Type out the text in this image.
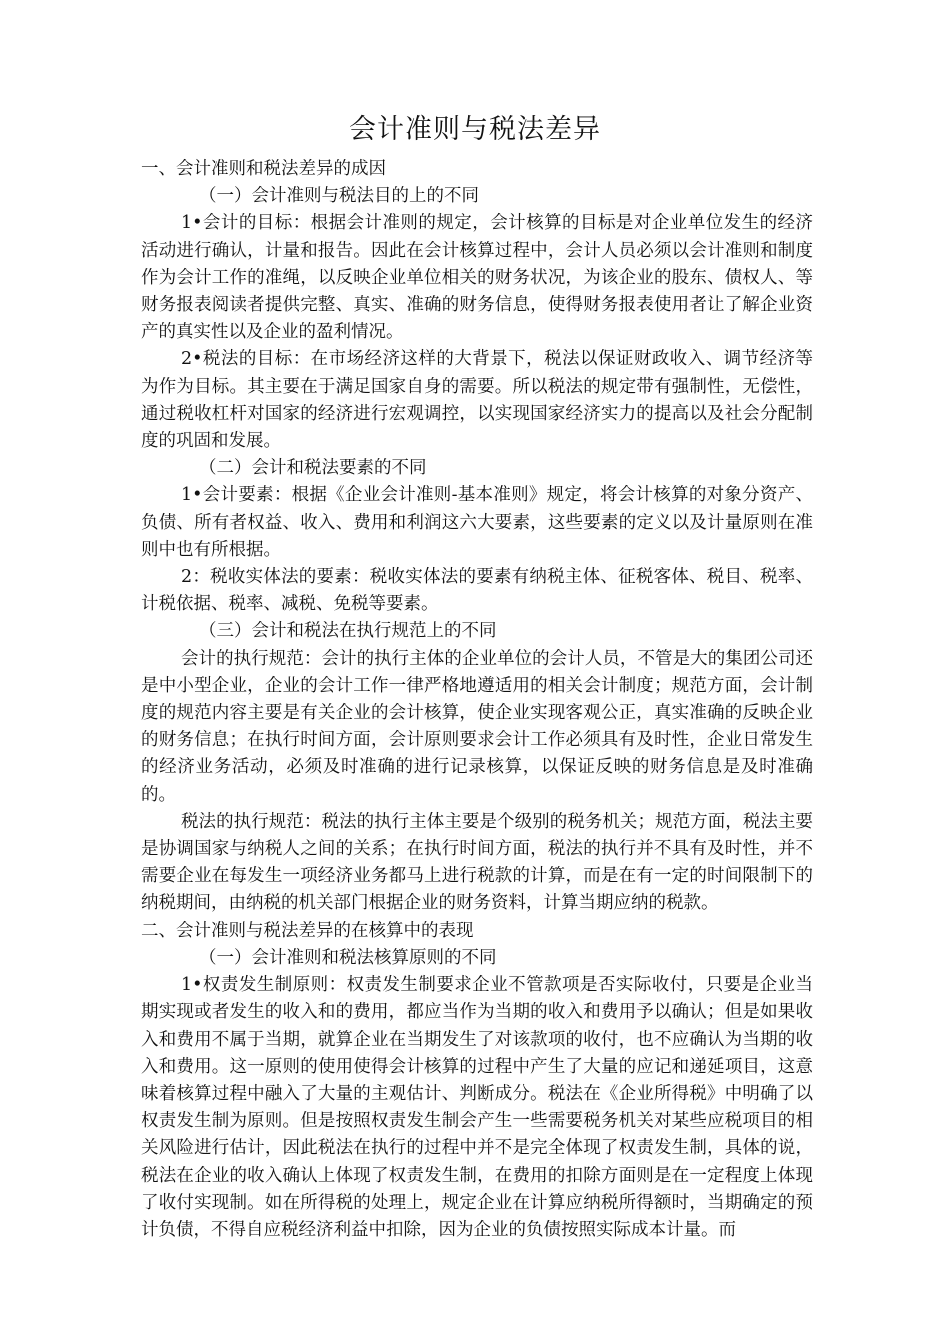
会计准则与税法差异

一、会计准则和税法差异的成因

（一）会计准则与税法目的上的不同

1•会计的目标：根据会计准则的规定，会计核算的目标是对企业单位发生的经济活动进行确认，计量和报告。因此在会计核算过程中，会计人员必须以会计准则和制度作为会计工作的准绳，以反映企业单位相关的财务状况，为该企业的股东、债权人、等财务报表阅读者提供完整、真实、准确的财务信息，使得财务报表使用者让了解企业资产的真实性以及企业的盈利情况。

2•税法的目标：在市场经济这样的大背景下，税法以保证财政收入、调节经济等为作为目标。其主要在于满足国家自身的需要。所以税法的规定带有强制性，无偿性，通过税收杠杆对国家的经济进行宏观调控，以实现国家经济实力的提高以及社会分配制度的巩固和发展。

（二）会计和税法要素的不同

1•会计要素：根据《企业会计准则-基本准则》规定，将会计核算的对象分资产、负债、所有者权益、收入、费用和利润这六大要素，这些要素的定义以及计量原则在准则中也有所根据。

2：税收实体法的要素：税收实体法的要素有纳税主体、征税客体、税目、税率、计税依据、税率、减税、免税等要素。

（三）会计和税法在执行规范上的不同

会计的执行规范：会计的执行主体的企业单位的会计人员，不管是大的集团公司还是中小型企业，企业的会计工作一律严格地遵适用的相关会计制度；规范方面，会计制度的规范内容主要是有关企业的会计核算，使企业实现客观公正，真实准确的反映企业的财务信息；在执行时间方面，会计原则要求会计工作必须具有及时性，企业日常发生的经济业务活动，必须及时准确的进行记录核算，以保证反映的财务信息是及时准确的。

税法的执行规范：税法的执行主体主要是个级别的税务机关；规范方面，税法主要是协调国家与纳税人之间的关系；在执行时间方面，税法的执行并不具有及时性，并不需要企业在每发生一项经济业务都马上进行税款的计算，而是在有一定的时间限制下的纳税期间，由纳税的机关部门根据企业的财务资料，计算当期应纳的税款。

二、会计准则与税法差异的在核算中的表现

（一）会计准则和税法核算原则的不同

1•权责发生制原则：权责发生制要求企业不管款项是否实际收付，只要是企业当期实现或者发生的收入和的费用，都应当作为当期的收入和费用予以确认；但是如果收入和费用不属于当期，就算企业在当期发生了对该款项的收付，也不应确认为当期的收入和费用。这一原则的使用使得会计核算的过程中产生了大量的应记和递延项目，这意味着核算过程中融入了大量的主观估计、判断成分。税法在《企业所得税》中明确了以权责发生制为原则。但是按照权责发生制会产生一些需要税务机关对某些应税项目的相关风险进行估计，因此税法在执行的过程中并不是完全体现了权责发生制，具体的说，税法在企业的收入确认上体现了权责发生制，在费用的扣除方面则是在一定程度上体现了收付实现制。如在所得税的处理上，规定企业在计算应纳税所得额时，当期确定的预计负债，不得自应税经济利益中扣除，因为企业的负债按照实际成本计量。而
